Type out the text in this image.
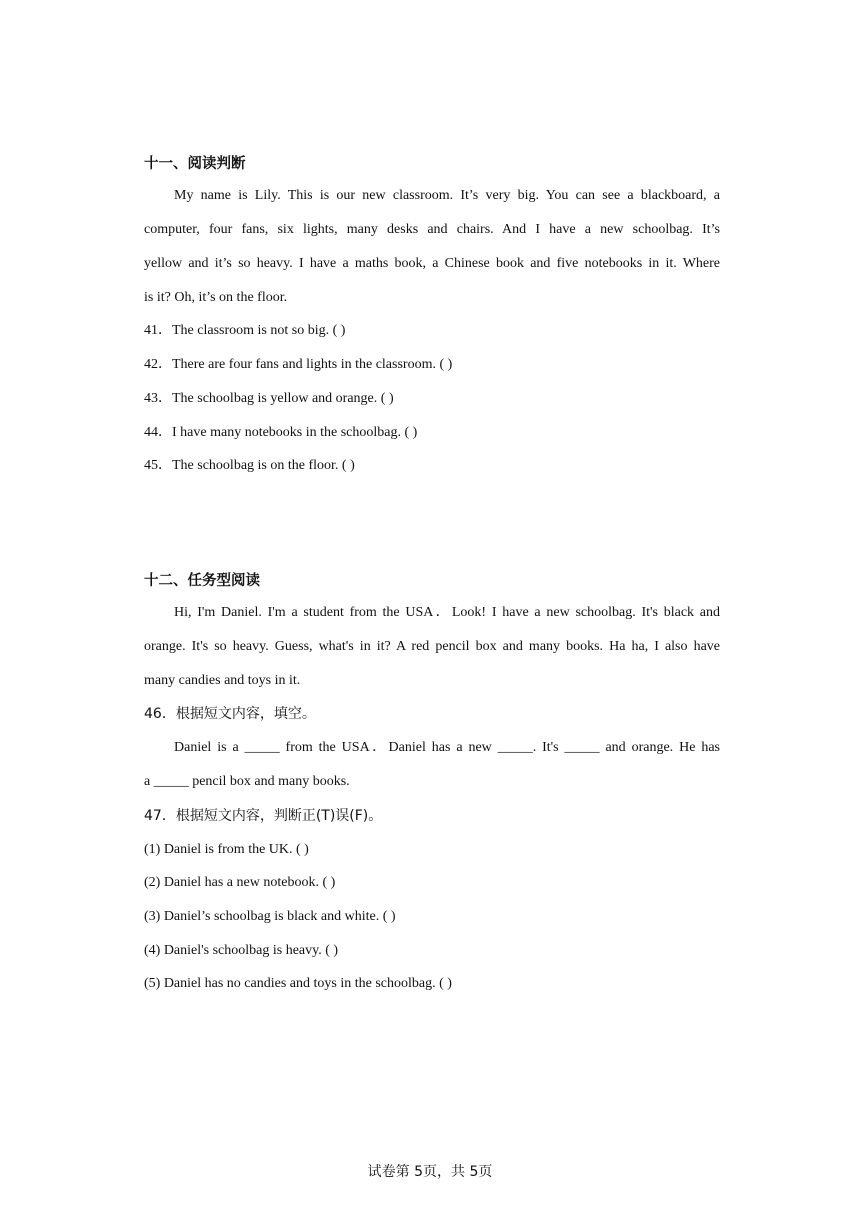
十一、阅读判断
My name is Lily. This is our new classroom. It’s very big. You can see a blackboard, a
computer, four fans, six lights, many desks and chairs. And I have a new schoolbag. It’s
yellow and it’s so heavy. I have a maths book, a Chinese book and five notebooks in it. Where
is it? Oh, it’s on the floor.
41．The classroom is not so big. ( )
42．There are four fans and lights in the classroom. ( )
43．The schoolbag is yellow and orange. ( )
44．I have many notebooks in the schoolbag. ( )
45．The schoolbag is on the floor. ( )
十二、任务型阅读
Hi, I'm Daniel. I'm a student from the USA．Look! I have a new schoolbag. It's black and
orange. It's so heavy. Guess, what's in it? A red pencil box and many books. Ha ha, I also have
many candies and toys in it.
46．根据短文内容，填空。
Daniel is a _____ from the USA．Daniel has a new _____. It's _____ and orange. He has
a _____ pencil box and many books.
47．根据短文内容，判断正(T)误(F)。
(1) Daniel is from the UK. ( )
(2) Daniel has a new notebook. ( )
(3) Daniel’s schoolbag is black and white. ( )
(4) Daniel's schoolbag is heavy. ( )
(5) Daniel has no candies and toys in the schoolbag. ( )
试卷第 5页，共 5页
